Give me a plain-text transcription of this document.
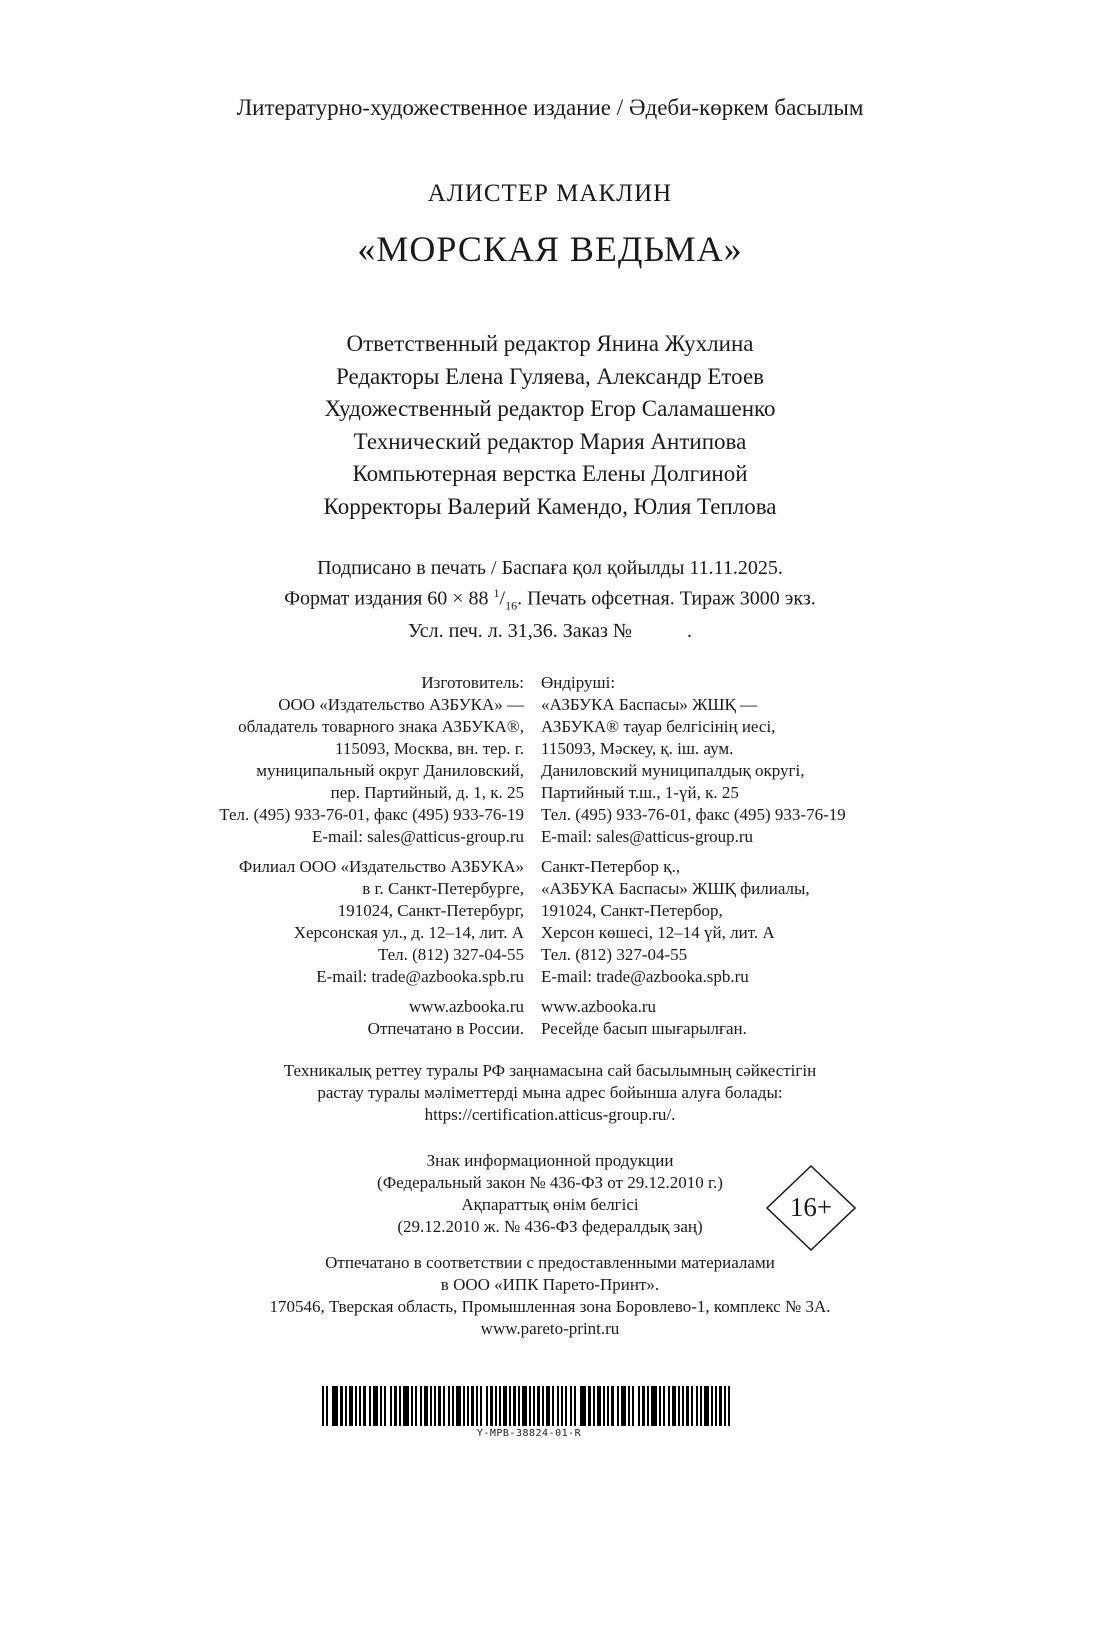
Литературно-художественное издание / Әдеби-көркем басылым
АЛИСТЕР МАКЛИН
«МОРСКАЯ ВЕДЬМА»
Ответственный редактор Янина Жухлина
Редакторы Елена Гуляева, Александр Етоев
Художественный редактор Егор Саламашенко
Технический редактор Мария Антипова
Компьютерная верстка Елены Долгиной
Корректоры Валерий Камендо, Юлия Теплова
Подписано в печать / Баспаға қол қойылды 11.11.2025.
Формат издания 60 × 88 $^1/_{16}$. Печать офсетная. Тираж 3000 экз.
Усл. печ. л. 31,36. Заказ №           .
Изготовитель:
ООО «Издательство АЗБУКА» —
обладатель товарного знака АЗБУКА®,
115093, Москва, вн. тер. г.
муниципальный округ Даниловский,
пер. Партийный, д. 1, к. 25
Тел. (495) 933-76-01, факс (495) 933-76-19
E-mail: sales@atticus-group.ru
Филиал ООО «Издательство АЗБУКА»
в г. Санкт-Петербурге,
191024, Санкт-Петербург,
Херсонская ул., д. 12–14, лит. А
Тел. (812) 327-04-55
E-mail: trade@azbooka.spb.ru
www.azbooka.ru
Отпечатано в России.
Өндіруші:
«АЗБУКА Баспасы» ЖШҚ —
АЗБУКА® тауар белгісінің иесі,
115093, Мәскеу, қ. іш. аум.
Даниловский муниципалдық округі,
Партийный т.ш., 1-үй, к. 25
Тел. (495) 933-76-01, факс (495) 933-76-19
E-mail: sales@atticus-group.ru
Санкт-Петербор қ.,
«АЗБУКА Баспасы» ЖШҚ филиалы,
191024, Санкт-Петербор,
Херсон көшесі, 12–14 үй, лит. А
Тел. (812) 327-04-55
E-mail: trade@azbooka.spb.ru
www.azbooka.ru
Ресейде басып шығарылған.
Техникалық реттеу туралы РФ заңнамасына сай басылымның сәйкестігін
растау туралы мәліметтерді мына адрес бойынша алуға болады:
https://certification.atticus-group.ru/.
Знак информационной продукции
(Федеральный закон № 436-ФЗ от 29.12.2010 г.)
Ақпараттық өнім белгісі
(29.12.2010 ж. № 436-ФЗ федералдық заң)
16+
Отпечатано в соответствии с предоставленными материалами
в ООО «ИПК Парето-Принт».
170546, Тверская область, Промышленная зона Боровлево-1, комплекс № 3А.
www.pareto-print.ru
Y-MPB-38824-01-R
